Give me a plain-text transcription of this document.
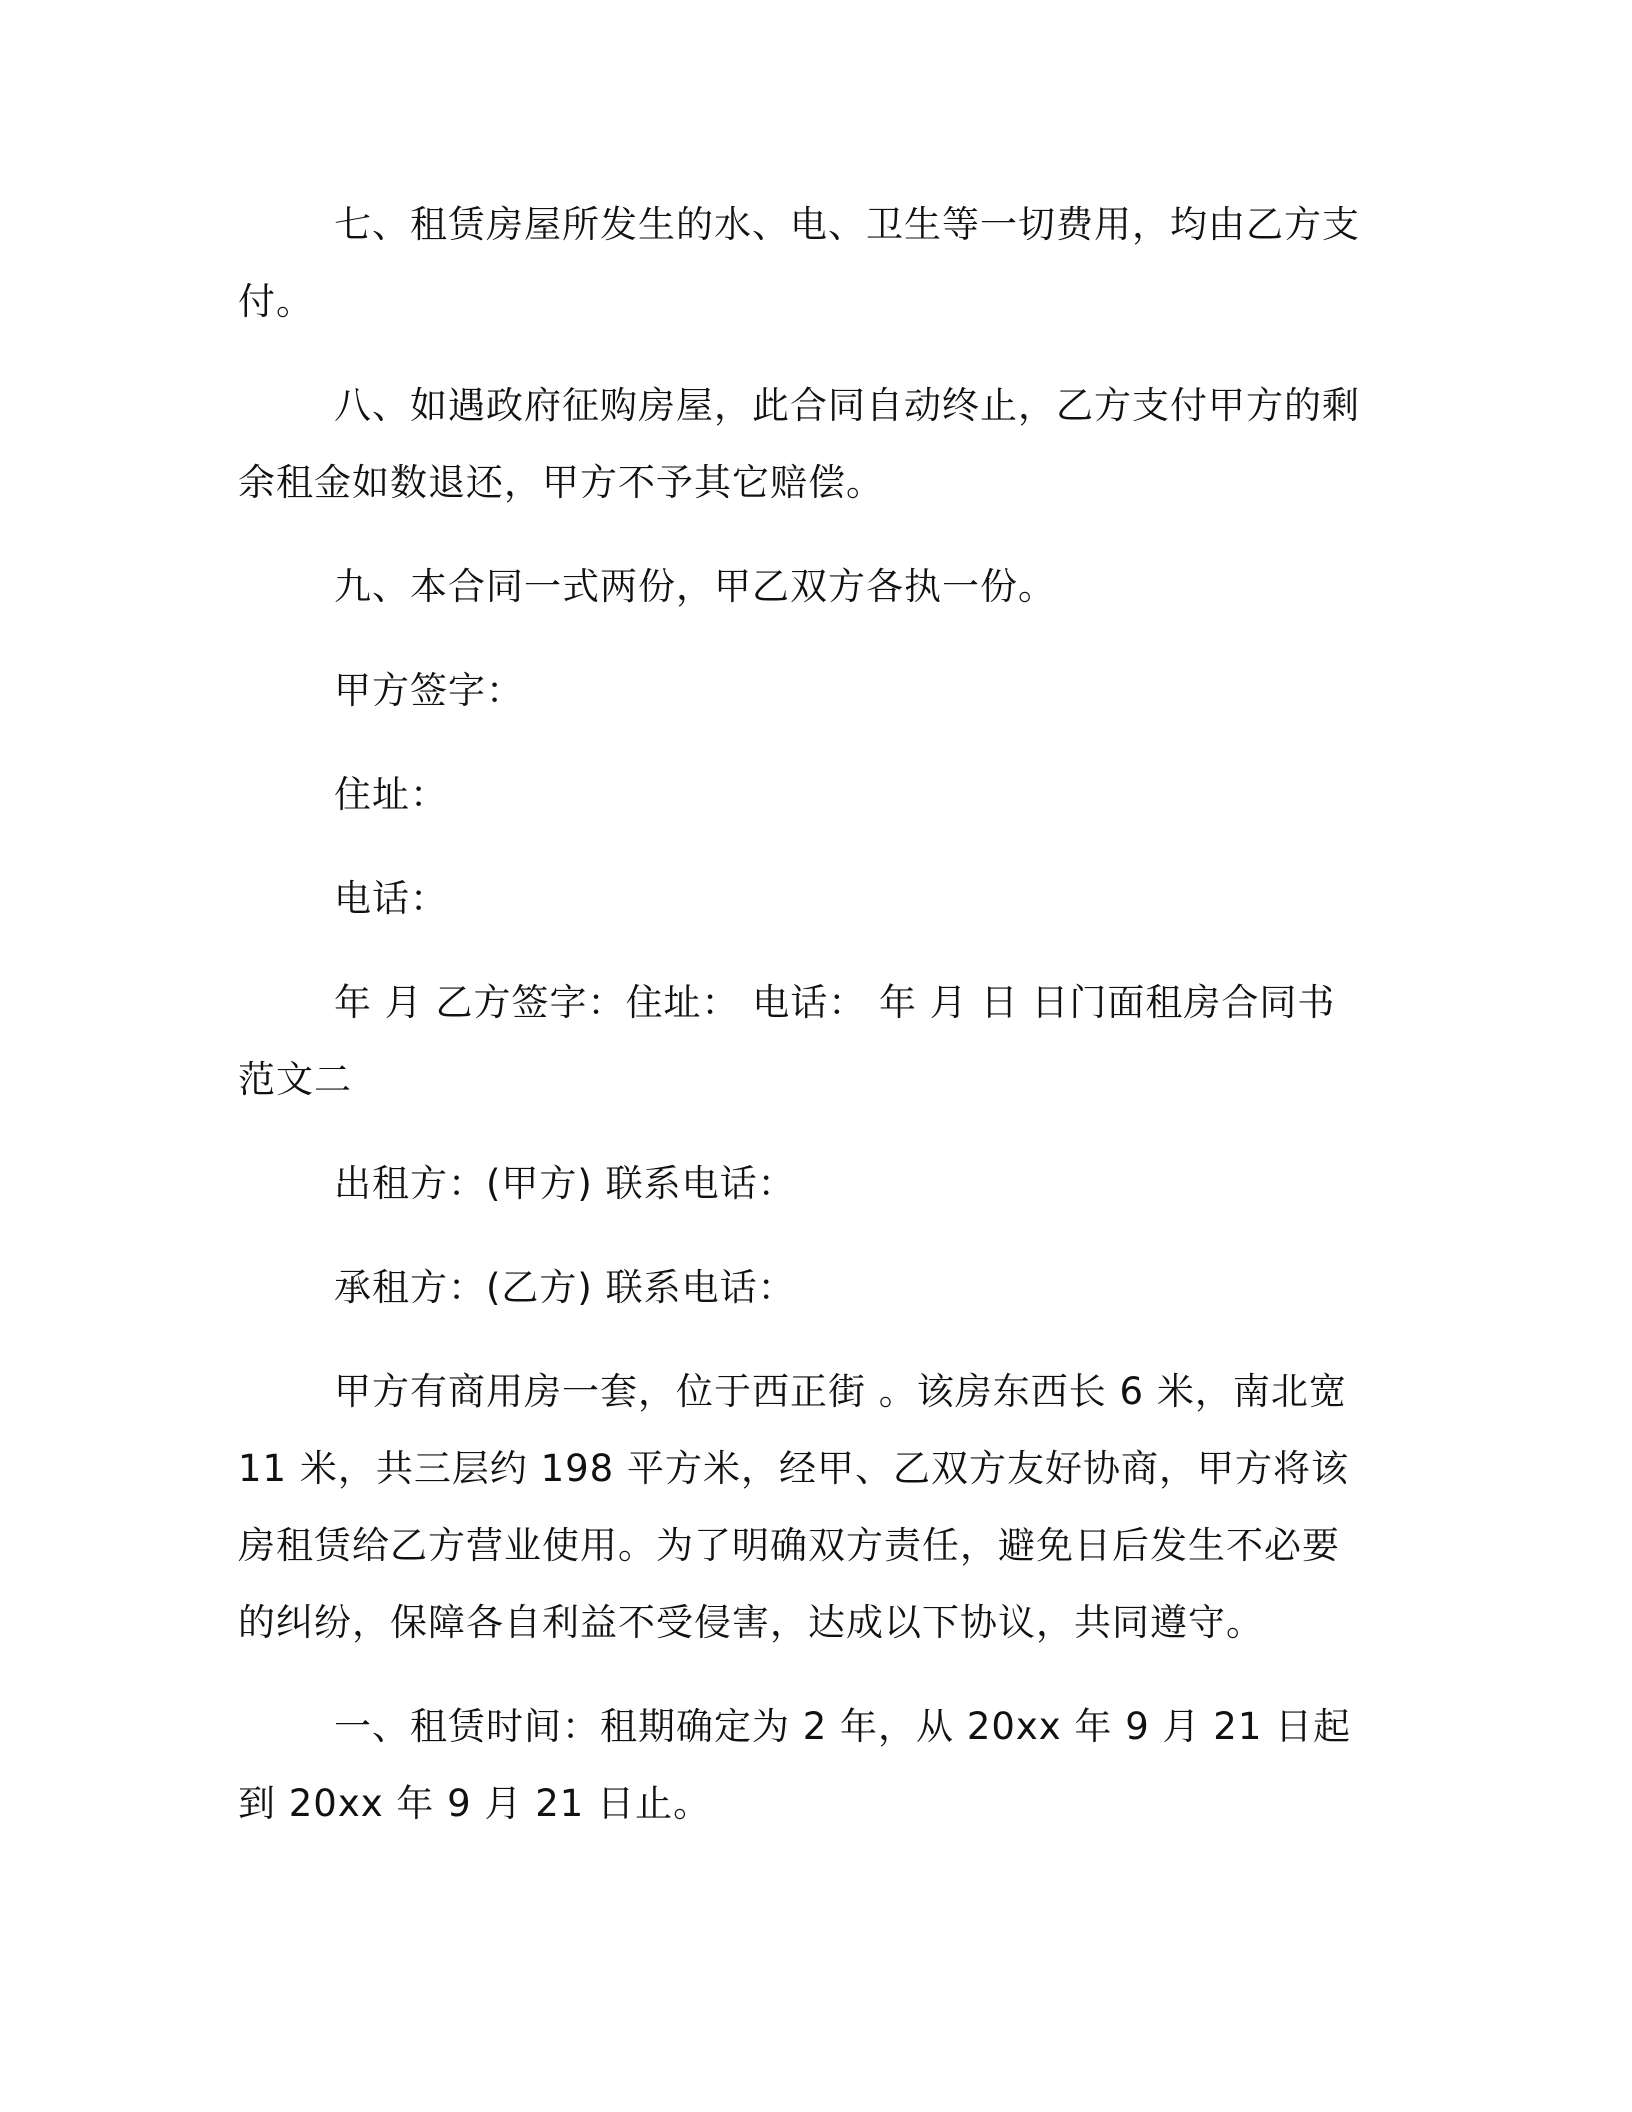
七、租赁房屋所发生的水、电、卫生等一切费用，均由乙方支付。

八、如遇政府征购房屋，此合同自动终止，乙方支付甲方的剩余租金如数退还，甲方不予其它赔偿。

九、本合同一式两份，甲乙双方各执一份。

甲方签字：

住址：

电话：

年 月 乙方签字：住址： 电话： 年 月 日 日门面租房合同书范文二

出租方：(甲方) 联系电话：

承租方：(乙方) 联系电话：

甲方有商用房一套，位于西正街 。该房东西长 6 米，南北宽 11 米，共三层约 198 平方米，经甲、乙双方友好协商，甲方将该房租赁给乙方营业使用。为了明确双方责任，避免日后发生不必要的纠纷，保障各自利益不受侵害，达成以下协议，共同遵守。

一、租赁时间：租期确定为 2 年，从 20xx 年 9 月 21 日起到 20xx 年 9 月 21 日止。
